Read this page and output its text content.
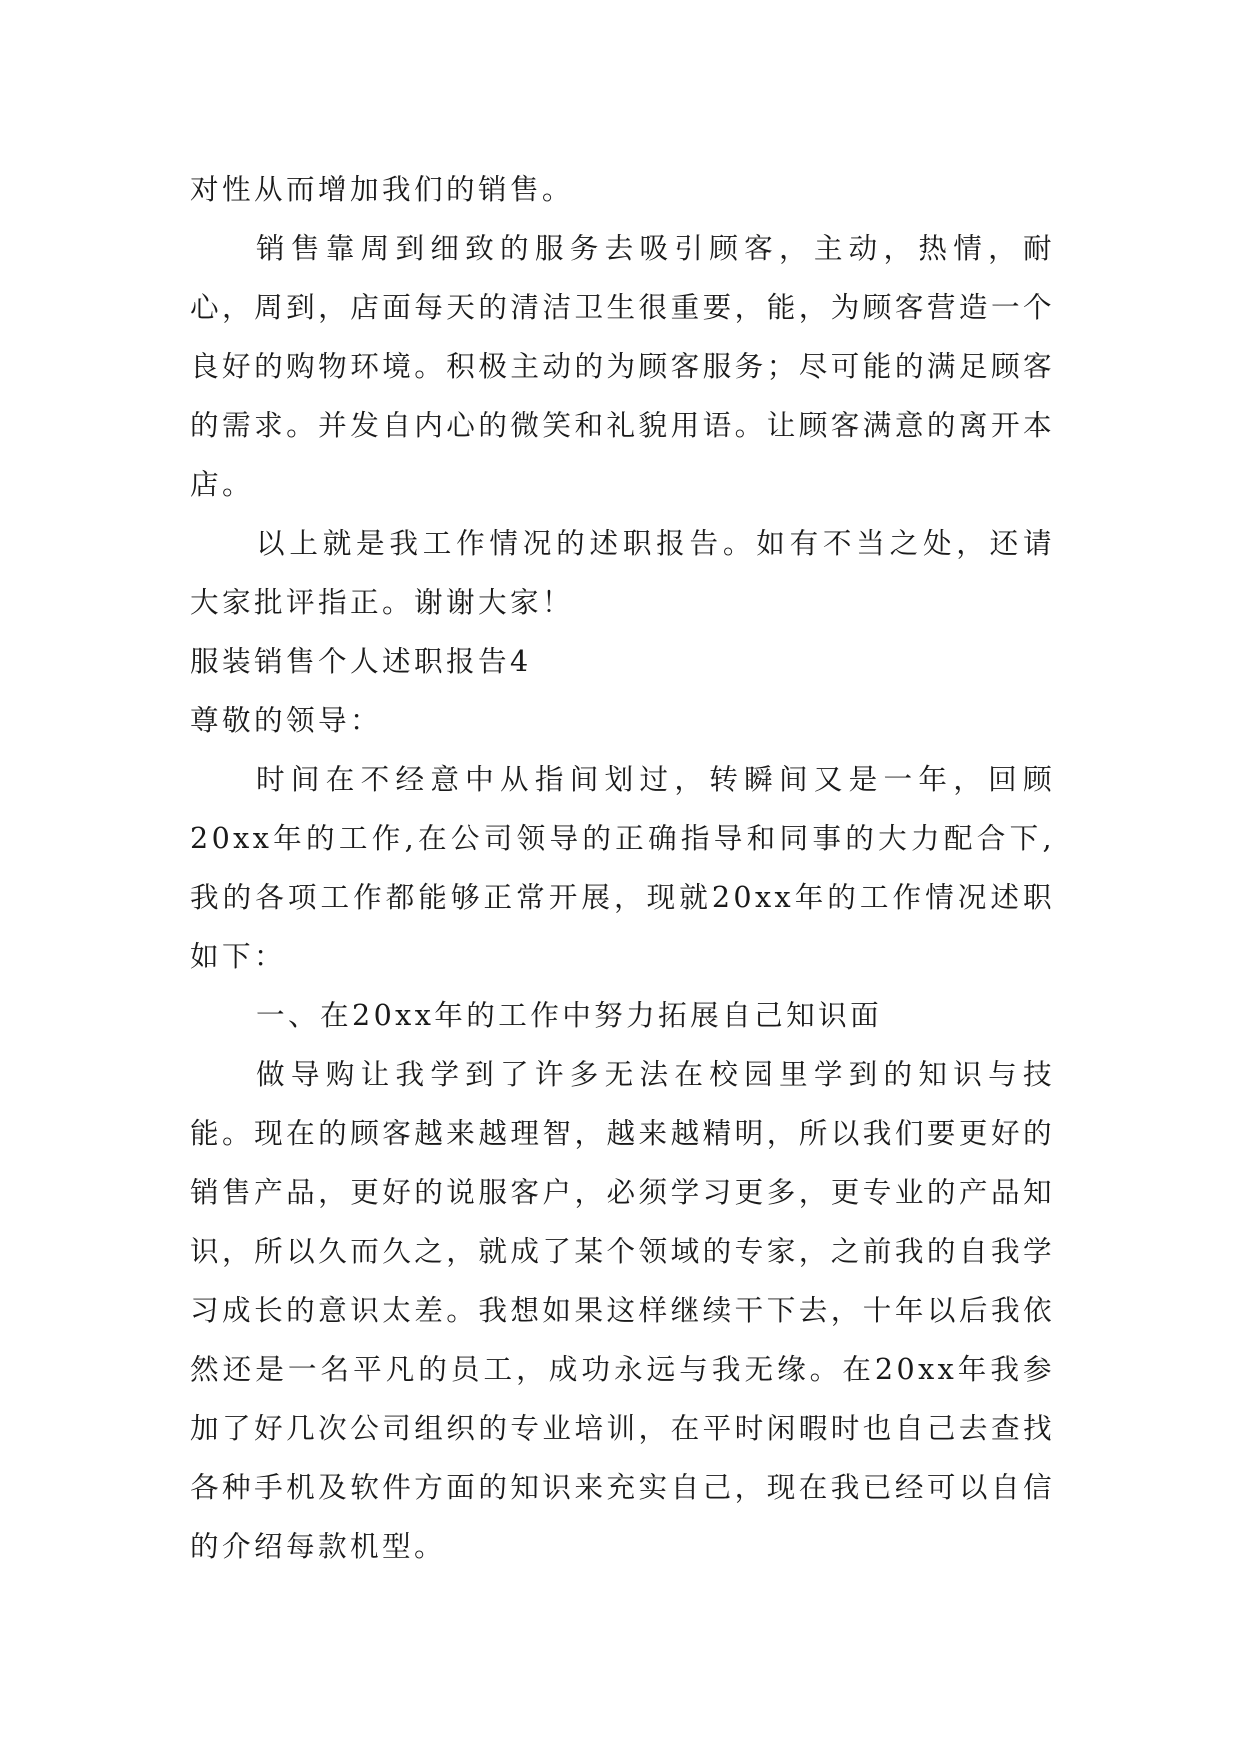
对性从而增加我们的销售。

销售靠周到细致的服务去吸引顾客，主动，热情，耐心，周到，店面每天的清洁卫生很重要，能，为顾客营造一个良好的购物环境。积极主动的为顾客服务；尽可能的满足顾客的需求。并发自内心的微笑和礼貌用语。让顾客满意的离开本店。

以上就是我工作情况的述职报告。如有不当之处，还请大家批评指正。谢谢大家！

服装销售个人述职报告4

尊敬的领导：

时间在不经意中从指间划过，转瞬间又是一年，回顾20xx年的工作,在公司领导的正确指导和同事的大力配合下,我的各项工作都能够正常开展，现就20xx年的工作情况述职如下：

一、在20xx年的工作中努力拓展自己知识面

做导购让我学到了许多无法在校园里学到的知识与技能。现在的顾客越来越理智，越来越精明，所以我们要更好的销售产品，更好的说服客户，必须学习更多，更专业的产品知识，所以久而久之，就成了某个领域的专家，之前我的自我学习成长的意识太差。我想如果这样继续干下去，十年以后我依然还是一名平凡的员工，成功永远与我无缘。在20xx年我参加了好几次公司组织的专业培训，在平时闲暇时也自己去查找各种手机及软件方面的知识来充实自己，现在我已经可以自信的介绍每款机型。
